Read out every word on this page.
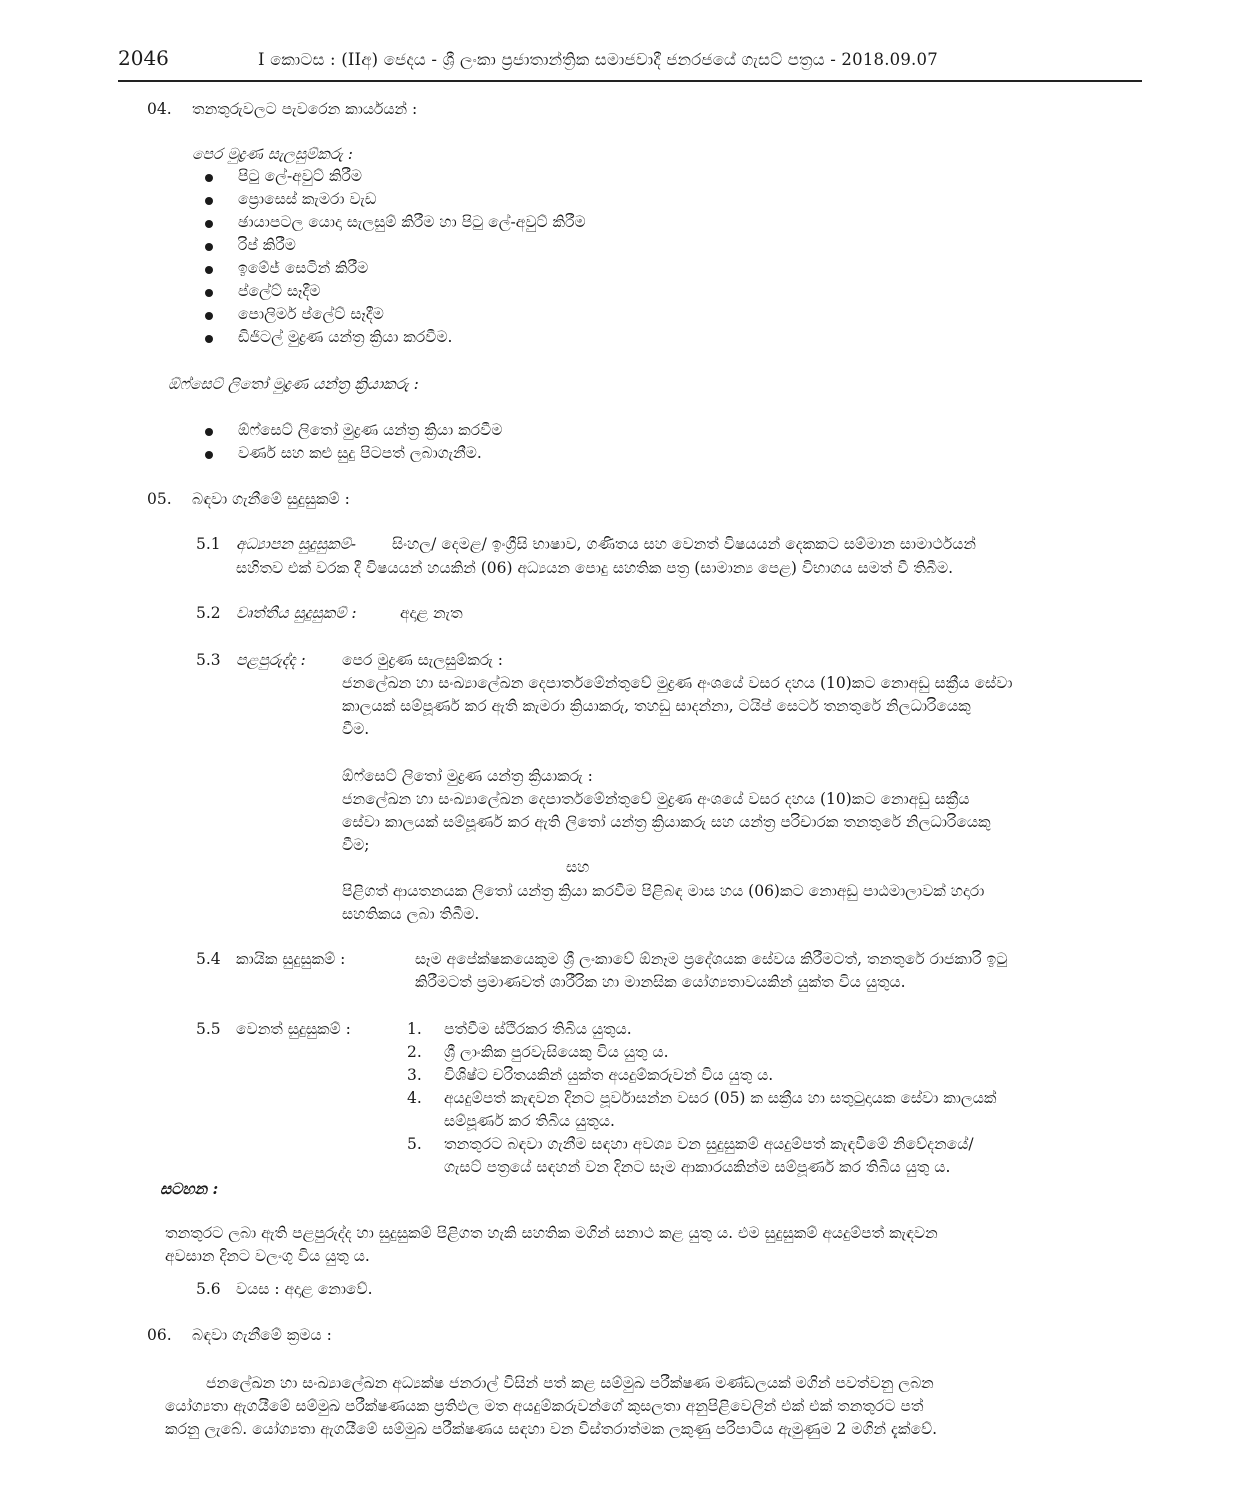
2046	I කොටස : (IIඅ) ජෙදය - ශ්‍රී ලංකා ප්‍රජාතාන්ත්‍රික සමාජවාදී ජනරජයේ ගැසට් පත්‍රය - 2018.09.07
04. තනතුරුවලට පැවරෙන කාර්යයන් :
පෙර මුද්‍රණ සැලසුම්කරු :
පිටු ලේ-අවුට් කිරීම
ප්‍රොසෙස් කැමරා වැඩ
ඡායාපටල යොදා සැලසුම් කිරීම හා පිටු ලේ-අවුට් කිරීම
රිප් කිරීම
ඉමේජ් සෙටින් කිරීම
ප්ලේට් සෑදීම
පොලිමර් ප්ලේට් සෑදීම
ඩිජිටල් මුද්‍රණ යන්ත්‍ර ක්‍රියා කරවීම.
ඕෆ්සෙට් ලිතෝ මුද්‍රණ යන්ත්‍ර ක්‍රියාකරු :
ඕෆ්සෙට් ලිතෝ මුද්‍රණ යන්ත්‍ර ක්‍රියා කරවීම
වර්ණ සහ කළු සුදු පිටපත් ලබාගැනීම.
05. බඳවා ගැනීමේ සුදුසුකම් :
5.1 අධ්‍යාපන සුදුසුකම්- සිංහල/ දෙමළ/ ඉංග්‍රීසි භාෂාව, ගණිතය සහ වෙනත් විෂයයන් දෙකකට සම්මාන සාමාර්ථයන්
සහිතව එක් වරක දී විෂයයන් හයකින් (06) අධ්‍යයන පොදු සහතික පත්‍ර (සාමාන්‍ය පෙළ) විභාගය සමත් වී තිබීම.
5.2 වෘත්තීය සුදුසුකම් :	අදාළ නැත
5.3 පළපුරුද්ද : පෙර මුද්‍රණ සැලසුම්කරු :
ජනලේඛන හා සංඛ්‍යාලේඛන දෙපාර්තමේන්තුවේ මුද්‍රණ අංශයේ වසර දහය (10)කට නොඅඩු සක්‍රීය සේවා
කාලයක් සම්පූර්ණ කර ඇති කැමරා ක්‍රියාකරු, තහඩු සාදන්නා, ටයිප් සෙටර් තනතුරේ නිලධාරියෙකු
වීම.
ඕෆ්සෙට් ලිතෝ මුද්‍රණ යන්ත්‍ර ක්‍රියාකරු :
ජනලේඛන හා සංඛ්‍යාලේඛන දෙපාර්තමේන්තුවේ මුද්‍රණ අංශයේ වසර දහය (10)කට නොඅඩු සක්‍රීය
සේවා කාලයක් සම්පූර්ණ කර ඇති ලිතෝ යන්ත්‍ර ක්‍රියාකරු සහ යන්ත්‍ර පරිචාරක තනතුරේ නිලධාරියෙකු
වීම;
සහ
පිළිගත් ආයතනයක ලිතෝ යන්ත්‍ර ක්‍රියා කරවීම පිළිබඳ මාස හය (06)කට නොඅඩු පාඨමාලාවක් හදාරා
සහතිකය ලබා තිබීම.
5.4 කායික සුදුසුකම් :	සෑම අපේක්ෂකයෙකුම ශ්‍රී ලංකාවේ ඕනෑම ප්‍රදේශයක සේවය කිරීමටත්, තනතුරේ රාජකාරි ඉටු
කිරීමටත් ප්‍රමාණවත් ශාරීරික හා මානසික යෝග්‍යතාවයකින් යුක්ත විය යුතුය.
5.5 වෙනත් සුදුසුකම් :	1. පත්වීම ස්ථිරකර තිබිය යුතුය.
2. ශ්‍රී ලාංකික පුරවැසියෙකු විය යුතු ය.
3. විශිෂ්ට චරිතයකින් යුක්ත අයදුම්කරුවන් විය යුතු ය.
4. අයදුම්පත් කැඳවන දිනට පූර්වාසන්න වසර (05) ක සක්‍රීය හා සතුටුදායක සේවා කාලයක්
සම්පූර්ණ කර තිබිය යුතුය.
5. තනතුරට බඳවා ගැනීම සඳහා අවශ්‍ය වන සුදුසුකම් අයදුම්පත් කැඳවීමේ නිවේදනයේ/
ගැසට් පත්‍රයේ සඳහන් වන දිනට සෑම ආකාරයකින්ම සම්පූර්ණ කර තිබිය යුතු ය.
සටහන :
තනතුරට ලබා ඇති පළපුරුද්ද හා සුදුසුකම් පිළිගත හැකි සහතික මගින් සනාථ කළ යුතු ය. එම සුදුසුකම් අයදුම්පත් කැඳවන
අවසාන දිනට වලංගු විය යුතු ය.
5.6 වයස : අදාළ නොවේ.
06. බඳවා ගැනීමේ ක්‍රමය :
ජනලේඛන හා සංඛ්‍යාලේඛන අධ්‍යක්ෂ ජනරාල් විසින් පත් කළ සම්මුඛ පරීක්ෂණ මණ්ඩලයක් මගින් පවත්වනු ලබන
යෝග්‍යතා ඇගයීමේ සම්මුඛ පරීක්ෂණයක ප්‍රතිඵල මත අයදුම්කරුවන්ගේ කුසලතා අනුපිළිවෙලින් එක් එක් තනතුරට පත්
කරනු ලැබේ. යෝග්‍යතා ඇගයීමේ සම්මුඛ පරීක්ෂණය සඳහා වන විස්තරාත්මක ලකුණු පරිපාටිය ඇමුණුම 2 මගින් දැක්වේ.
